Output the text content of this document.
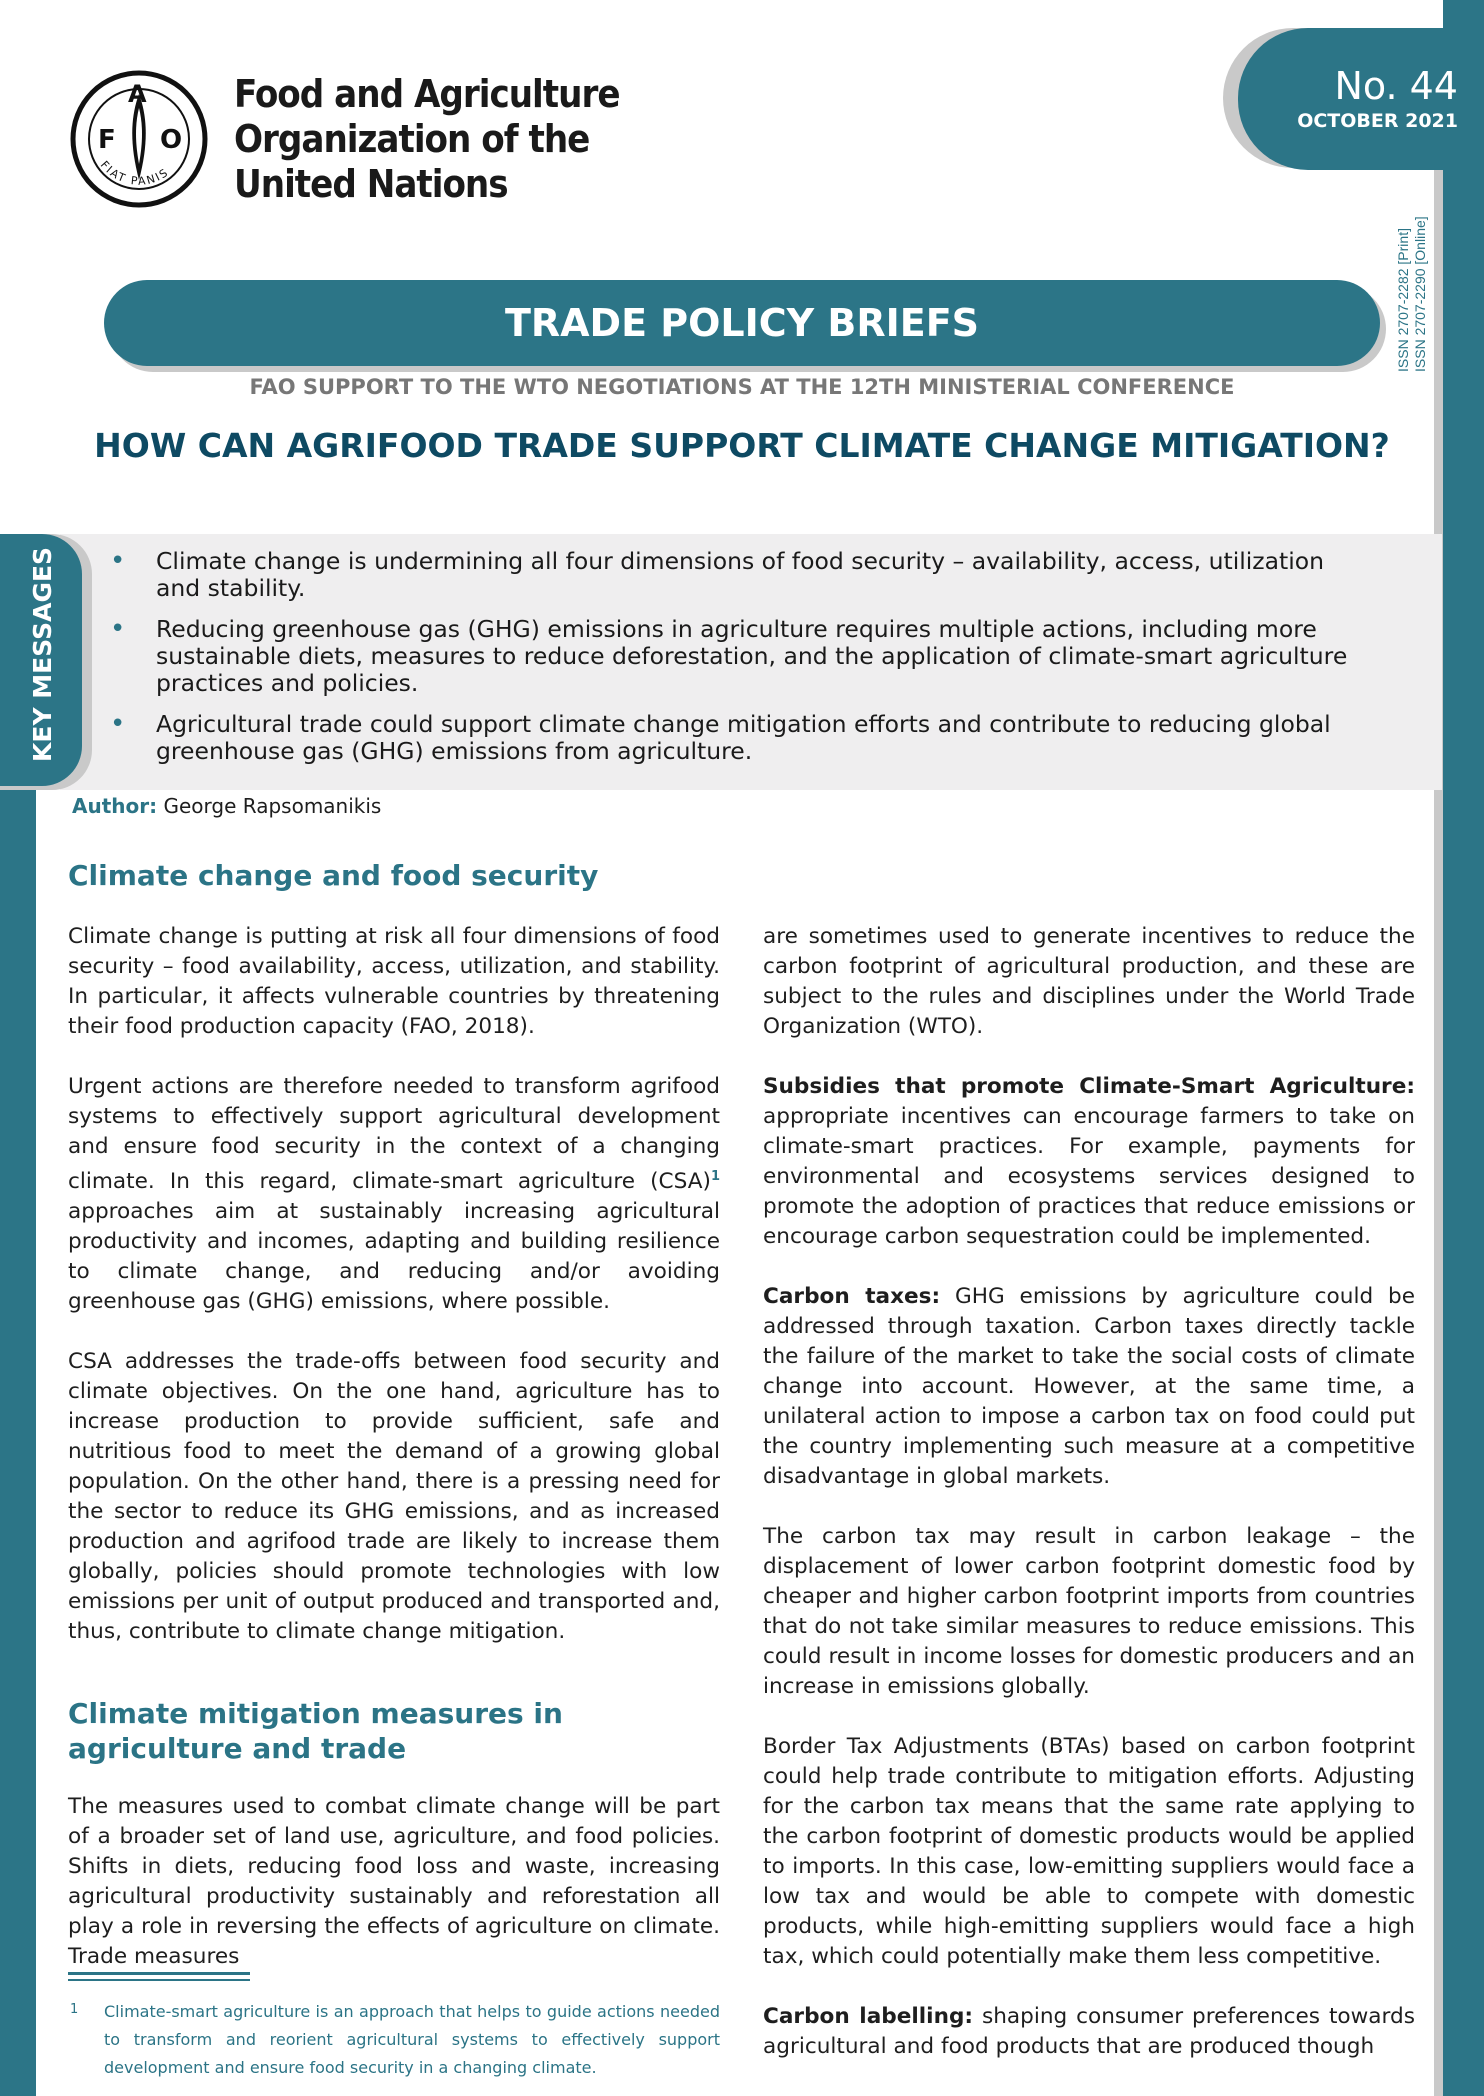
No. 44
OCTOBER 2021
ISSN 2707-2282 [Print] ISSN 2707-2290 [Online]
F
A
O
FIAT PANIS
Food and Agriculture
Organization of the
United Nations
TRADE POLICY BRIEFS
FAO SUPPORT TO THE WTO NEGOTIATIONS AT THE 12TH MINISTERIAL CONFERENCE
HOW CAN AGRIFOOD TRADE SUPPORT CLIMATE CHANGE MITIGATION?
KEY MESSAGES • Climate change is undermining all four dimensions of food security – availability, access, utilization and stability.
• Reducing greenhouse gas (GHG) emissions in agriculture requires multiple actions, including more sustainable diets, measures to reduce deforestation, and the application of climate-smart agriculture practices and policies.
• Agricultural trade could support climate change mitigation efforts and contribute to reducing global greenhouse gas (GHG) emissions from agriculture.
Author: George Rapsomanikis
Climate change and food security

Climate change is putting at risk all four dimensions of food security – food availability, access, utilization, and stability. In particular, it affects vulnerable countries by threatening their food production capacity (FAO, 2018).

Urgent actions are therefore needed to transform agrifood systems to effectively support agricultural development and ensure food security in the context of a changing climate. In this regard, climate-smart agriculture (CSA)$^1$ approaches aim at sustainably increasing agricultural productivity and incomes, adapting and building resilience to climate change, and reducing and/or avoiding greenhouse gas (GHG) emissions, where possible.

CSA addresses the trade-offs between food security and climate objectives. On the one hand, agriculture has to increase production to provide sufficient, safe and nutritious food to meet the demand of a growing global population. On the other hand, there is a pressing need for the sector to reduce its GHG emissions, and as increased production and agrifood trade are likely to increase them globally, policies should promote technologies with low emissions per unit of output produced and transported and, thus, contribute to climate change mitigation.

Climate mitigation measures in agriculture and trade

The measures used to combat climate change will be part of a broader set of land use, agriculture, and food policies. Shifts in diets, reducing food loss and waste, increasing agricultural productivity sustainably and reforestation all play a role in reversing the effects of agriculture on climate. Trade measures

are sometimes used to generate incentives to reduce the carbon footprint of agricultural production, and these are subject to the rules and disciplines under the World Trade Organization (WTO).

Subsidies that promote Climate-Smart Agriculture: appropriate incentives can encourage farmers to take on climate-smart practices. For example, payments for environmental and ecosystems services designed to promote the adoption of practices that reduce emissions or encourage carbon sequestration could be implemented.

Carbon taxes: GHG emissions by agriculture could be addressed through taxation. Carbon taxes directly tackle the failure of the market to take the social costs of climate change into account. However, at the same time, a unilateral action to impose a carbon tax on food could put the country implementing such measure at a competitive disadvantage in global markets.

The carbon tax may result in carbon leakage – the displacement of lower carbon footprint domestic food by cheaper and higher carbon footprint imports from countries that do not take similar measures to reduce emissions. This could result in income losses for domestic producers and an increase in emissions globally.

Border Tax Adjustments (BTAs) based on carbon footprint could help trade contribute to mitigation efforts. Adjusting for the carbon tax means that the same rate applying to the carbon footprint of domestic products would be applied to imports. In this case, low-emitting suppliers would face a low tax and would be able to compete with domestic products, while high-emitting suppliers would face a high tax, which could potentially make them less competitive.

Carbon labelling: shaping consumer preferences towards agricultural and food products that are produced though

1 Climate-smart agriculture is an approach that helps to guide actions needed to transform and reorient agricultural systems to effectively support development and ensure food security in a changing climate.
